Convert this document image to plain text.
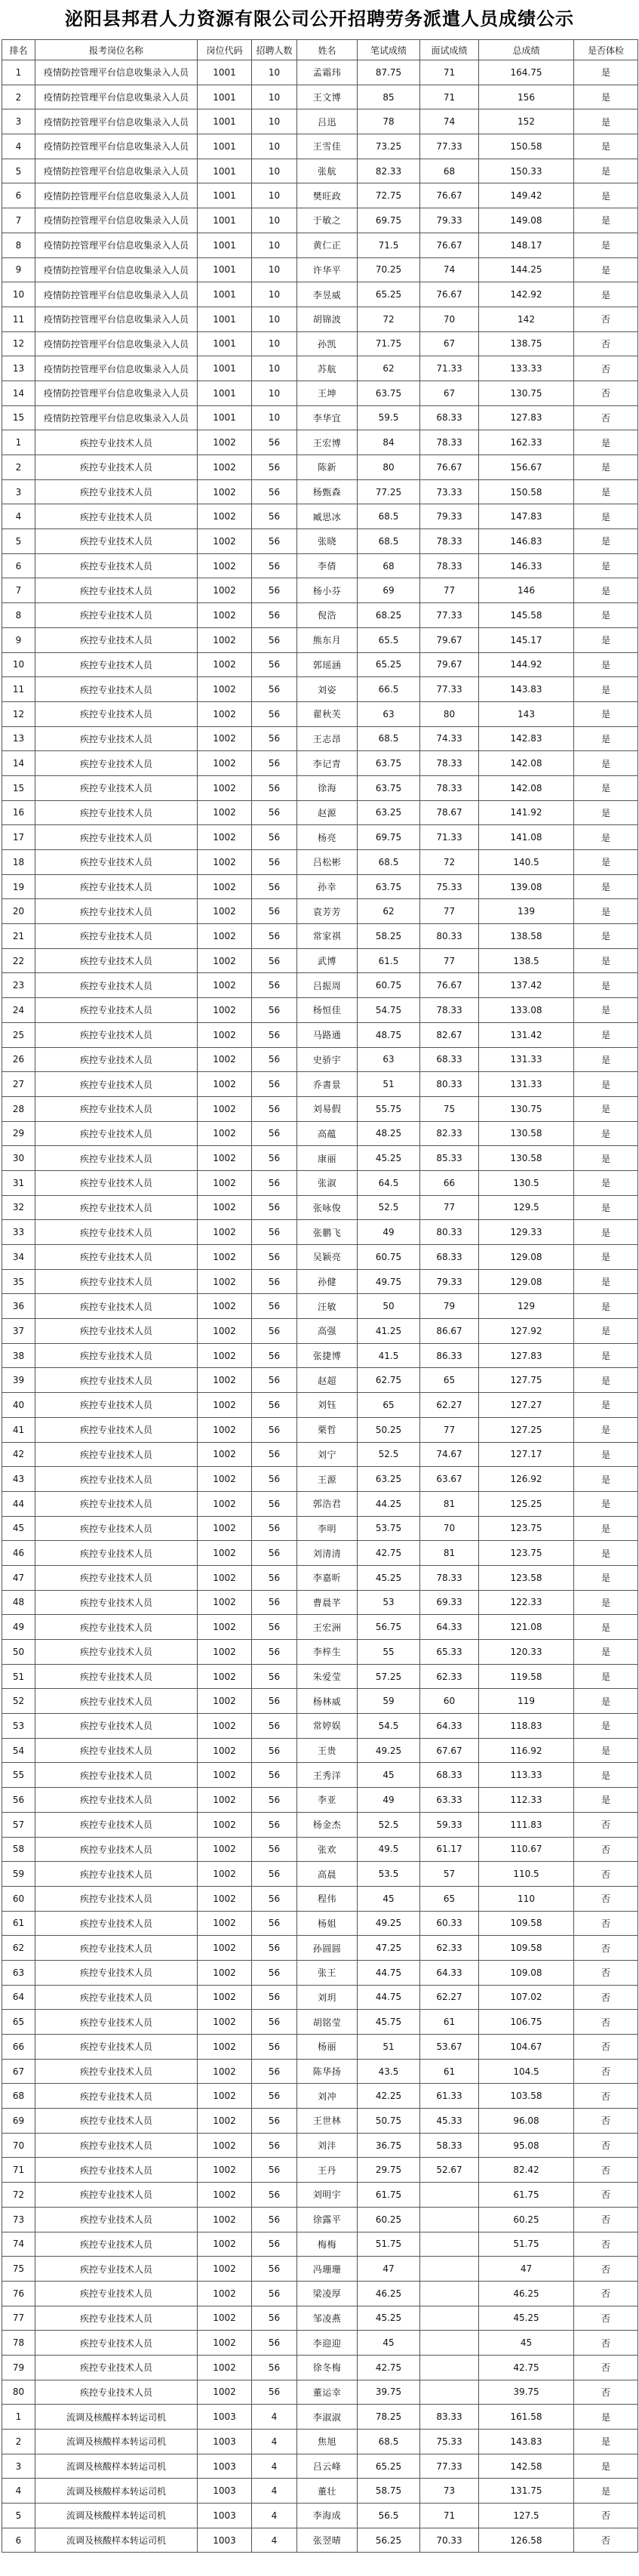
泌阳县邦君人力资源有限公司公开招聘劳务派遣人员成绩公示
排名	报考岗位名称	岗位代码	招聘人数	姓名	笔试成绩	面试成绩	总成绩	是否体检
1	疫情防控管理平台信息收集录入人员	1001	10	孟霜玮	87.75	71	164.75	是
2	疫情防控管理平台信息收集录入人员	1001	10	王文博	85	71	156	是
3	疫情防控管理平台信息收集录入人员	1001	10	吕迅	78	74	152	是
4	疫情防控管理平台信息收集录入人员	1001	10	王雪佳	73.25	77.33	150.58	是
5	疫情防控管理平台信息收集录入人员	1001	10	张航	82.33	68	150.33	是
6	疫情防控管理平台信息收集录入人员	1001	10	樊旺政	72.75	76.67	149.42	是
7	疫情防控管理平台信息收集录入人员	1001	10	于敏之	69.75	79.33	149.08	是
8	疫情防控管理平台信息收集录入人员	1001	10	黄仁正	71.5	76.67	148.17	是
9	疫情防控管理平台信息收集录入人员	1001	10	许华平	70.25	74	144.25	是
10	疫情防控管理平台信息收集录入人员	1001	10	李昱威	65.25	76.67	142.92	是
11	疫情防控管理平台信息收集录入人员	1001	10	胡锦波	72	70	142	否
12	疫情防控管理平台信息收集录入人员	1001	10	孙凯	71.75	67	138.75	否
13	疫情防控管理平台信息收集录入人员	1001	10	苏航	62	71.33	133.33	否
14	疫情防控管理平台信息收集录入人员	1001	10	王坤	63.75	67	130.75	否
15	疫情防控管理平台信息收集录入人员	1001	10	李华宜	59.5	68.33	127.83	否
1	疾控专业技术人员	1002	56	王宏博	84	78.33	162.33	是
2	疾控专业技术人员	1002	56	陈新	80	76.67	156.67	是
3	疾控专业技术人员	1002	56	杨甄森	77.25	73.33	150.58	是
4	疾控专业技术人员	1002	56	臧思冰	68.5	79.33	147.83	是
5	疾控专业技术人员	1002	56	张晓	68.5	78.33	146.83	是
6	疾控专业技术人员	1002	56	李倩	68	78.33	146.33	是
7	疾控专业技术人员	1002	56	杨小芬	69	77	146	是
8	疾控专业技术人员	1002	56	倪浩	68.25	77.33	145.58	是
9	疾控专业技术人员	1002	56	熊东月	65.5	79.67	145.17	是
10	疾控专业技术人员	1002	56	郭瑶涵	65.25	79.67	144.92	是
11	疾控专业技术人员	1002	56	刘姿	66.5	77.33	143.83	是
12	疾控专业技术人员	1002	56	翟秋芙	63	80	143	是
13	疾控专业技术人员	1002	56	王志昂	68.5	74.33	142.83	是
14	疾控专业技术人员	1002	56	李记青	63.75	78.33	142.08	是
15	疾控专业技术人员	1002	56	徐海	63.75	78.33	142.08	是
16	疾控专业技术人员	1002	56	赵源	63.25	78.67	141.92	是
17	疾控专业技术人员	1002	56	杨亮	69.75	71.33	141.08	是
18	疾控专业技术人员	1002	56	吕松彬	68.5	72	140.5	是
19	疾控专业技术人员	1002	56	孙幸	63.75	75.33	139.08	是
20	疾控专业技术人员	1002	56	袁芳芳	62	77	139	是
21	疾控专业技术人员	1002	56	常家祺	58.25	80.33	138.58	是
22	疾控专业技术人员	1002	56	武博	61.5	77	138.5	是
23	疾控专业技术人员	1002	56	吕振周	60.75	76.67	137.42	是
24	疾控专业技术人员	1002	56	杨恒佳	54.75	78.33	133.08	是
25	疾控专业技术人员	1002	56	马路通	48.75	82.67	131.42	是
26	疾控专业技术人员	1002	56	史骄宇	63	68.33	131.33	是
27	疾控专业技术人员	1002	56	乔書景	51	80.33	131.33	是
28	疾控专业技术人员	1002	56	刘易假	55.75	75	130.75	是
29	疾控专业技术人员	1002	56	高蕴	48.25	82.33	130.58	是
30	疾控专业技术人员	1002	56	康丽	45.25	85.33	130.58	是
31	疾控专业技术人员	1002	56	张淑	64.5	66	130.5	是
32	疾控专业技术人员	1002	56	张咏俊	52.5	77	129.5	是
33	疾控专业技术人员	1002	56	张鹏飞	49	80.33	129.33	是
34	疾控专业技术人员	1002	56	吴颖亮	60.75	68.33	129.08	是
35	疾控专业技术人员	1002	56	孙健	49.75	79.33	129.08	是
36	疾控专业技术人员	1002	56	汪敏	50	79	129	是
37	疾控专业技术人员	1002	56	高强	41.25	86.67	127.92	是
38	疾控专业技术人员	1002	56	张捷博	41.5	86.33	127.83	是
39	疾控专业技术人员	1002	56	赵超	62.75	65	127.75	是
40	疾控专业技术人员	1002	56	刘钰	65	62.27	127.27	是
41	疾控专业技术人员	1002	56	栗哲	50.25	77	127.25	是
42	疾控专业技术人员	1002	56	刘宁	52.5	74.67	127.17	是
43	疾控专业技术人员	1002	56	王源	63.25	63.67	126.92	是
44	疾控专业技术人员	1002	56	郭浩君	44.25	81	125.25	是
45	疾控专业技术人员	1002	56	李明	53.75	70	123.75	是
46	疾控专业技术人员	1002	56	刘清清	42.75	81	123.75	是
47	疾控专业技术人员	1002	56	李嘉昕	45.25	78.33	123.58	是
48	疾控专业技术人员	1002	56	曹晨芊	53	69.33	122.33	是
49	疾控专业技术人员	1002	56	王宏洲	56.75	64.33	121.08	是
50	疾控专业技术人员	1002	56	李梓生	55	65.33	120.33	是
51	疾控专业技术人员	1002	56	朱爱莹	57.25	62.33	119.58	是
52	疾控专业技术人员	1002	56	杨林威	59	60	119	是
53	疾控专业技术人员	1002	56	常婷娱	54.5	64.33	118.83	是
54	疾控专业技术人员	1002	56	王贵	49.25	67.67	116.92	是
55	疾控专业技术人员	1002	56	王秀洋	45	68.33	113.33	是
56	疾控专业技术人员	1002	56	李亚	49	63.33	112.33	是
57	疾控专业技术人员	1002	56	杨金杰	52.5	59.33	111.83	否
58	疾控专业技术人员	1002	56	张欢	49.5	61.17	110.67	否
59	疾控专业技术人员	1002	56	高晨	53.5	57	110.5	否
60	疾控专业技术人员	1002	56	程伟	45	65	110	否
61	疾控专业技术人员	1002	56	杨姐	49.25	60.33	109.58	否
62	疾控专业技术人员	1002	56	孙圆圆	47.25	62.33	109.58	否
63	疾控专业技术人员	1002	56	张王	44.75	64.33	109.08	否
64	疾控专业技术人员	1002	56	刘玥	44.75	62.27	107.02	否
65	疾控专业技术人员	1002	56	胡铭莹	45.75	61	106.75	否
66	疾控专业技术人员	1002	56	杨丽	51	53.67	104.67	否
67	疾控专业技术人员	1002	56	陈华扬	43.5	61	104.5	否
68	疾控专业技术人员	1002	56	刘冲	42.25	61.33	103.58	否
69	疾控专业技术人员	1002	56	王世林	50.75	45.33	96.08	否
70	疾控专业技术人员	1002	56	刘沣	36.75	58.33	95.08	否
71	疾控专业技术人员	1002	56	王丹	29.75	52.67	82.42	否
72	疾控专业技术人员	1002	56	刘明宇	61.75		61.75	否
73	疾控专业技术人员	1002	56	徐露平	60.25		60.25	否
74	疾控专业技术人员	1002	56	梅梅	51.75		51.75	否
75	疾控专业技术人员	1002	56	冯珊珊	47		47	否
76	疾控专业技术人员	1002	56	梁凌厚	46.25		46.25	否
77	疾控专业技术人员	1002	56	邹凌燕	45.25		45.25	否
78	疾控专业技术人员	1002	56	李迎迎	45		45	否
79	疾控专业技术人员	1002	56	徐冬梅	42.75		42.75	否
80	疾控专业技术人员	1002	56	董运幸	39.75		39.75	否
1	流调及核酸样本转运司机	1003	4	李淑淑	78.25	83.33	161.58	是
2	流调及核酸样本转运司机	1003	4	焦旭	68.5	75.33	143.83	是
3	流调及核酸样本转运司机	1003	4	吕云峰	65.25	77.33	142.58	是
4	流调及核酸样本转运司机	1003	4	董壮	58.75	73	131.75	是
5	流调及核酸样本转运司机	1003	4	李海成	56.5	71	127.5	否
6	流调及核酸样本转运司机	1003	4	张翌晴	56.25	70.33	126.58	否
